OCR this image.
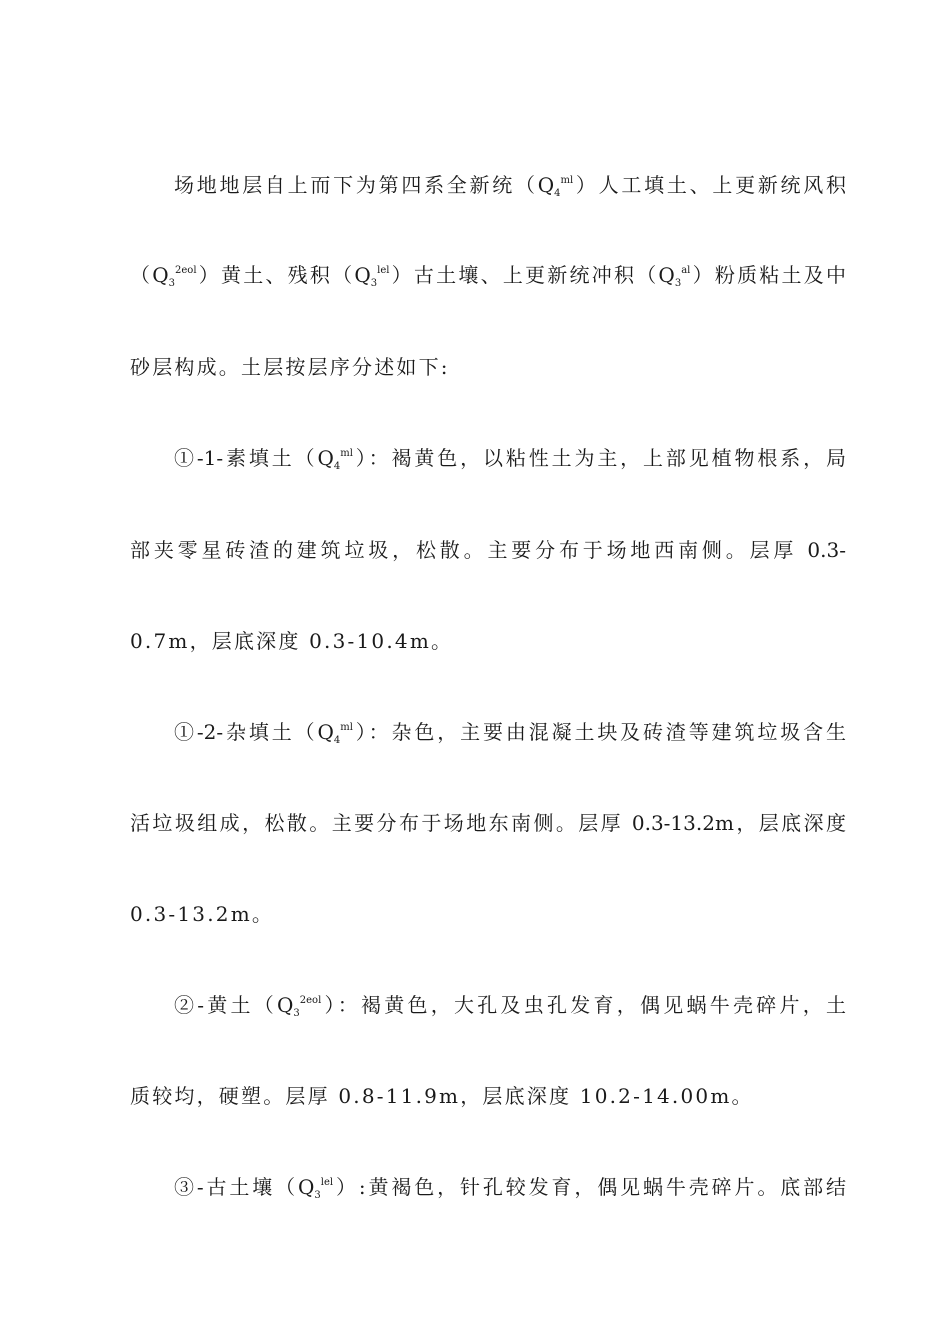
场地地层自上而下为第四系全新统$(Q_4^{ml})$人工填土、上更新统风积
$(Q_3^{2eol})$黄土、残积$(Q_3^{lel})$古土壤、上更新统冲积$(Q_3^{al})$粉质粘土及中
砂层构成。土层按层序分述如下:
①-1-素填土$(Q_4^{ml})$：褐黄色，以粘性土为主，上部见植物根系，局
部夹零星砖渣的建筑垃圾，松散。主要分布于场地西南侧。层厚 0.3-
0.7m，层底深度 0.3-10.4m。
①-2-杂填土$(Q_4^{ml})$：杂色，主要由混凝土块及砖渣等建筑垃圾含生
活垃圾组成，松散。主要分布于场地东南侧。层厚 0.3-13.2m，层底深度
0.3-13.2m。
②-黄土$(Q_3^{2eol})$：褐黄色，大孔及虫孔发育，偶见蜗牛壳碎片，土
质较均，硬塑。层厚 0.8-11.9m，层底深度 10.2-14.00m。
③-古土壤$(Q_3^{lel})$:黄褐色，针孔较发育，偶见蜗牛壳碎片。底部结
